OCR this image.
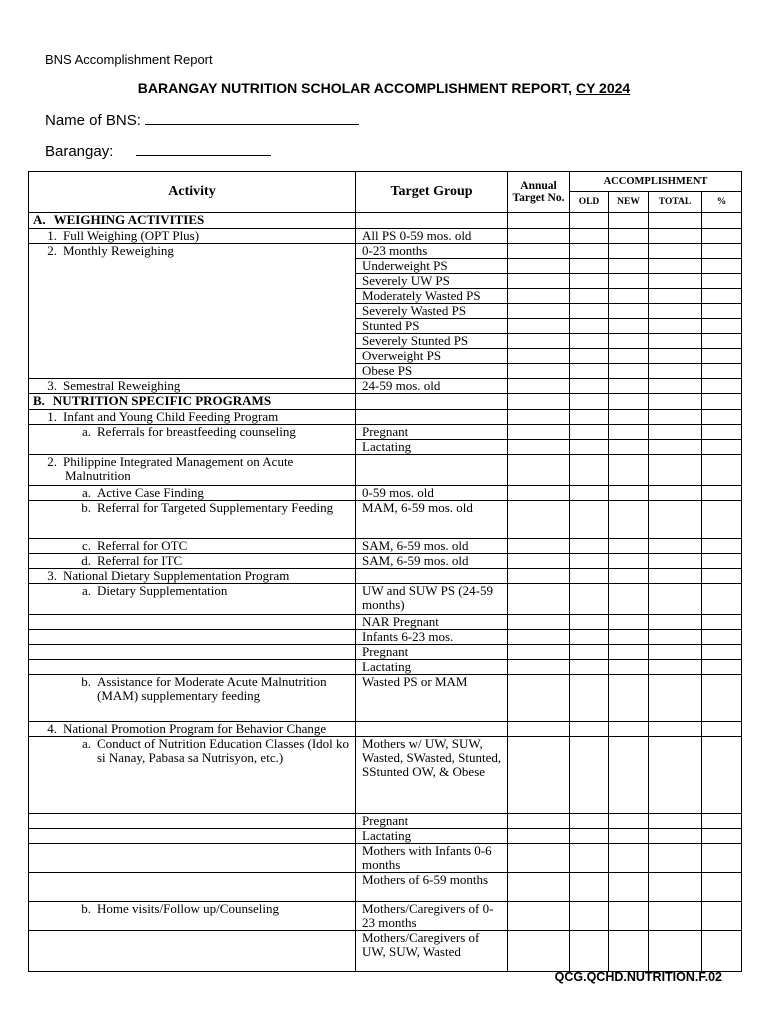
BNS Accomplishment Report
BARANGAY NUTRITION SCHOLAR ACCOMPLISHMENT REPORT, CY 2024
Name of BNS:
Barangay:
Activity	Target Group	Annual Target No.	ACCOMPLISHMENT			
			OLD	NEW	TOTAL	%
A. WEIGHING ACTIVITIES						
1. Full Weighing (OPT Plus)	All PS 0-59 mos. old					
2. Monthly Reweighing	0-23 months					
	Underweight PS					
	Severely UW PS					
	Moderately Wasted PS					
	Severely Wasted PS					
	Stunted PS					
	Severely Stunted PS					
	Overweight PS					
	Obese PS					
3. Semestral Reweighing	24-59 mos. old					
B. NUTRITION SPECIFIC PROGRAMS						
1. Infant and Young Child Feeding Program						
a. Referrals for breastfeeding counseling	Pregnant					
	Lactating					
2. Philippine Integrated Management on Acute Malnutrition						
a. Active Case Finding	0-59 mos. old					
b. Referral for Targeted Supplementary Feeding	MAM, 6-59 mos. old					
c. Referral for OTC	SAM, 6-59 mos. old					
d. Referral for ITC	SAM, 6-59 mos. old					
3. National Dietary Supplementation Program						
a. Dietary Supplementation	UW and SUW PS (24-59 months)					
	NAR Pregnant					
	Infants 6-23 mos.					
	Pregnant					
	Lactating					
b. Assistance for Moderate Acute Malnutrition (MAM) supplementary feeding	Wasted PS or MAM					
4. National Promotion Program for Behavior Change						
a. Conduct of Nutrition Education Classes (Idol ko si Nanay, Pabasa sa Nutrisyon, etc.)	Mothers w/ UW, SUW, Wasted, SWasted, Stunted, SStunted OW, & Obese					
	Pregnant					
	Lactating					
	Mothers with Infants 0-6 months					
	Mothers of 6-59 months					
b. Home visits/Follow up/Counseling	Mothers/Caregivers of 0-23 months					
	Mothers/Caregivers of UW, SUW, Wasted					
QCG.QCHD.NUTRITION.F.02
